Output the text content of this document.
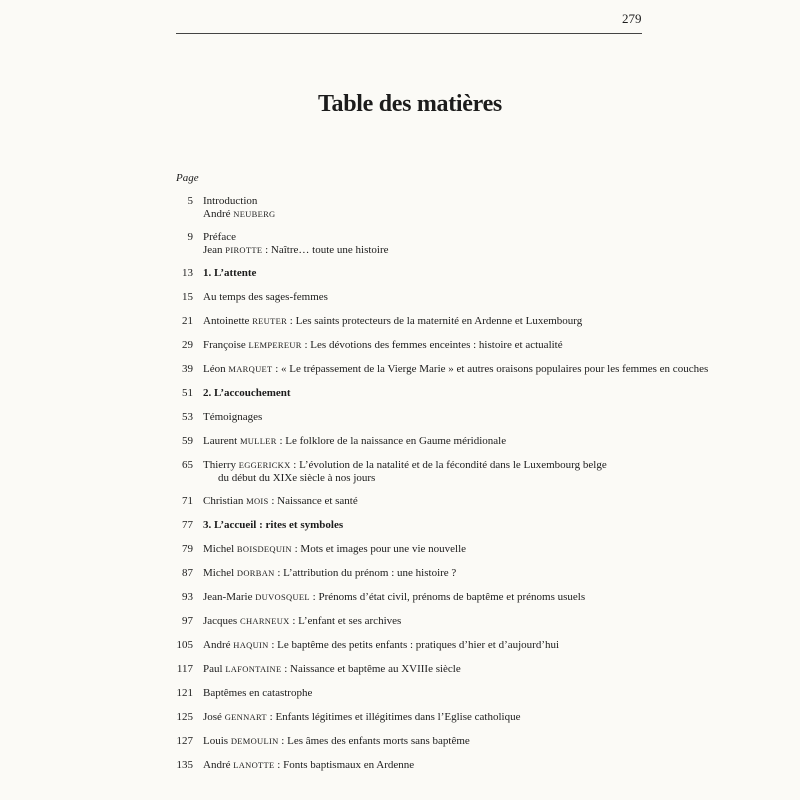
279
Table des matières
Page
5 Introduction
André NEUBERG
9 Préface
Jean PIROTTE : Naître… toute une histoire
13 1. L’attente
15 Au temps des sages-femmes
21 Antoinette REUTER : Les saints protecteurs de la maternité en Ardenne et Luxembourg
29 Françoise LEMPEREUR : Les dévotions des femmes enceintes : histoire et actualité
39 Léon MARQUET : « Le trépassement de la Vierge Marie » et autres oraisons populaires pour les femmes en couches
51 2. L’accouchement
53 Témoignages
59 Laurent MULLER : Le folklore de la naissance en Gaume méridionale
65 Thierry EGGERICKX : L’évolution de la natalité et de la fécondité dans le Luxembourg belge
du début du XIXe siècle à nos jours
71 Christian MOIS : Naissance et santé
77 3. L’accueil : rites et symboles
79 Michel BOISDEQUIN : Mots et images pour une vie nouvelle
87 Michel DORBAN : L’attribution du prénom : une histoire ?
93 Jean-Marie DUVOSQUEL : Prénoms d’état civil, prénoms de baptême et prénoms usuels
97 Jacques CHARNEUX : L’enfant et ses archives
105 André HAQUIN : Le baptême des petits enfants : pratiques d’hier et d’aujourd’hui
117 Paul LAFONTAINE : Naissance et baptême au XVIIIe siècle
121 Baptêmes en catastrophe
125 José GENNART : Enfants légitimes et illégitimes dans l’Eglise catholique
127 Louis DEMOULIN : Les âmes des enfants morts sans baptême
135 André LANOTTE : Fonts baptismaux en Ardenne
